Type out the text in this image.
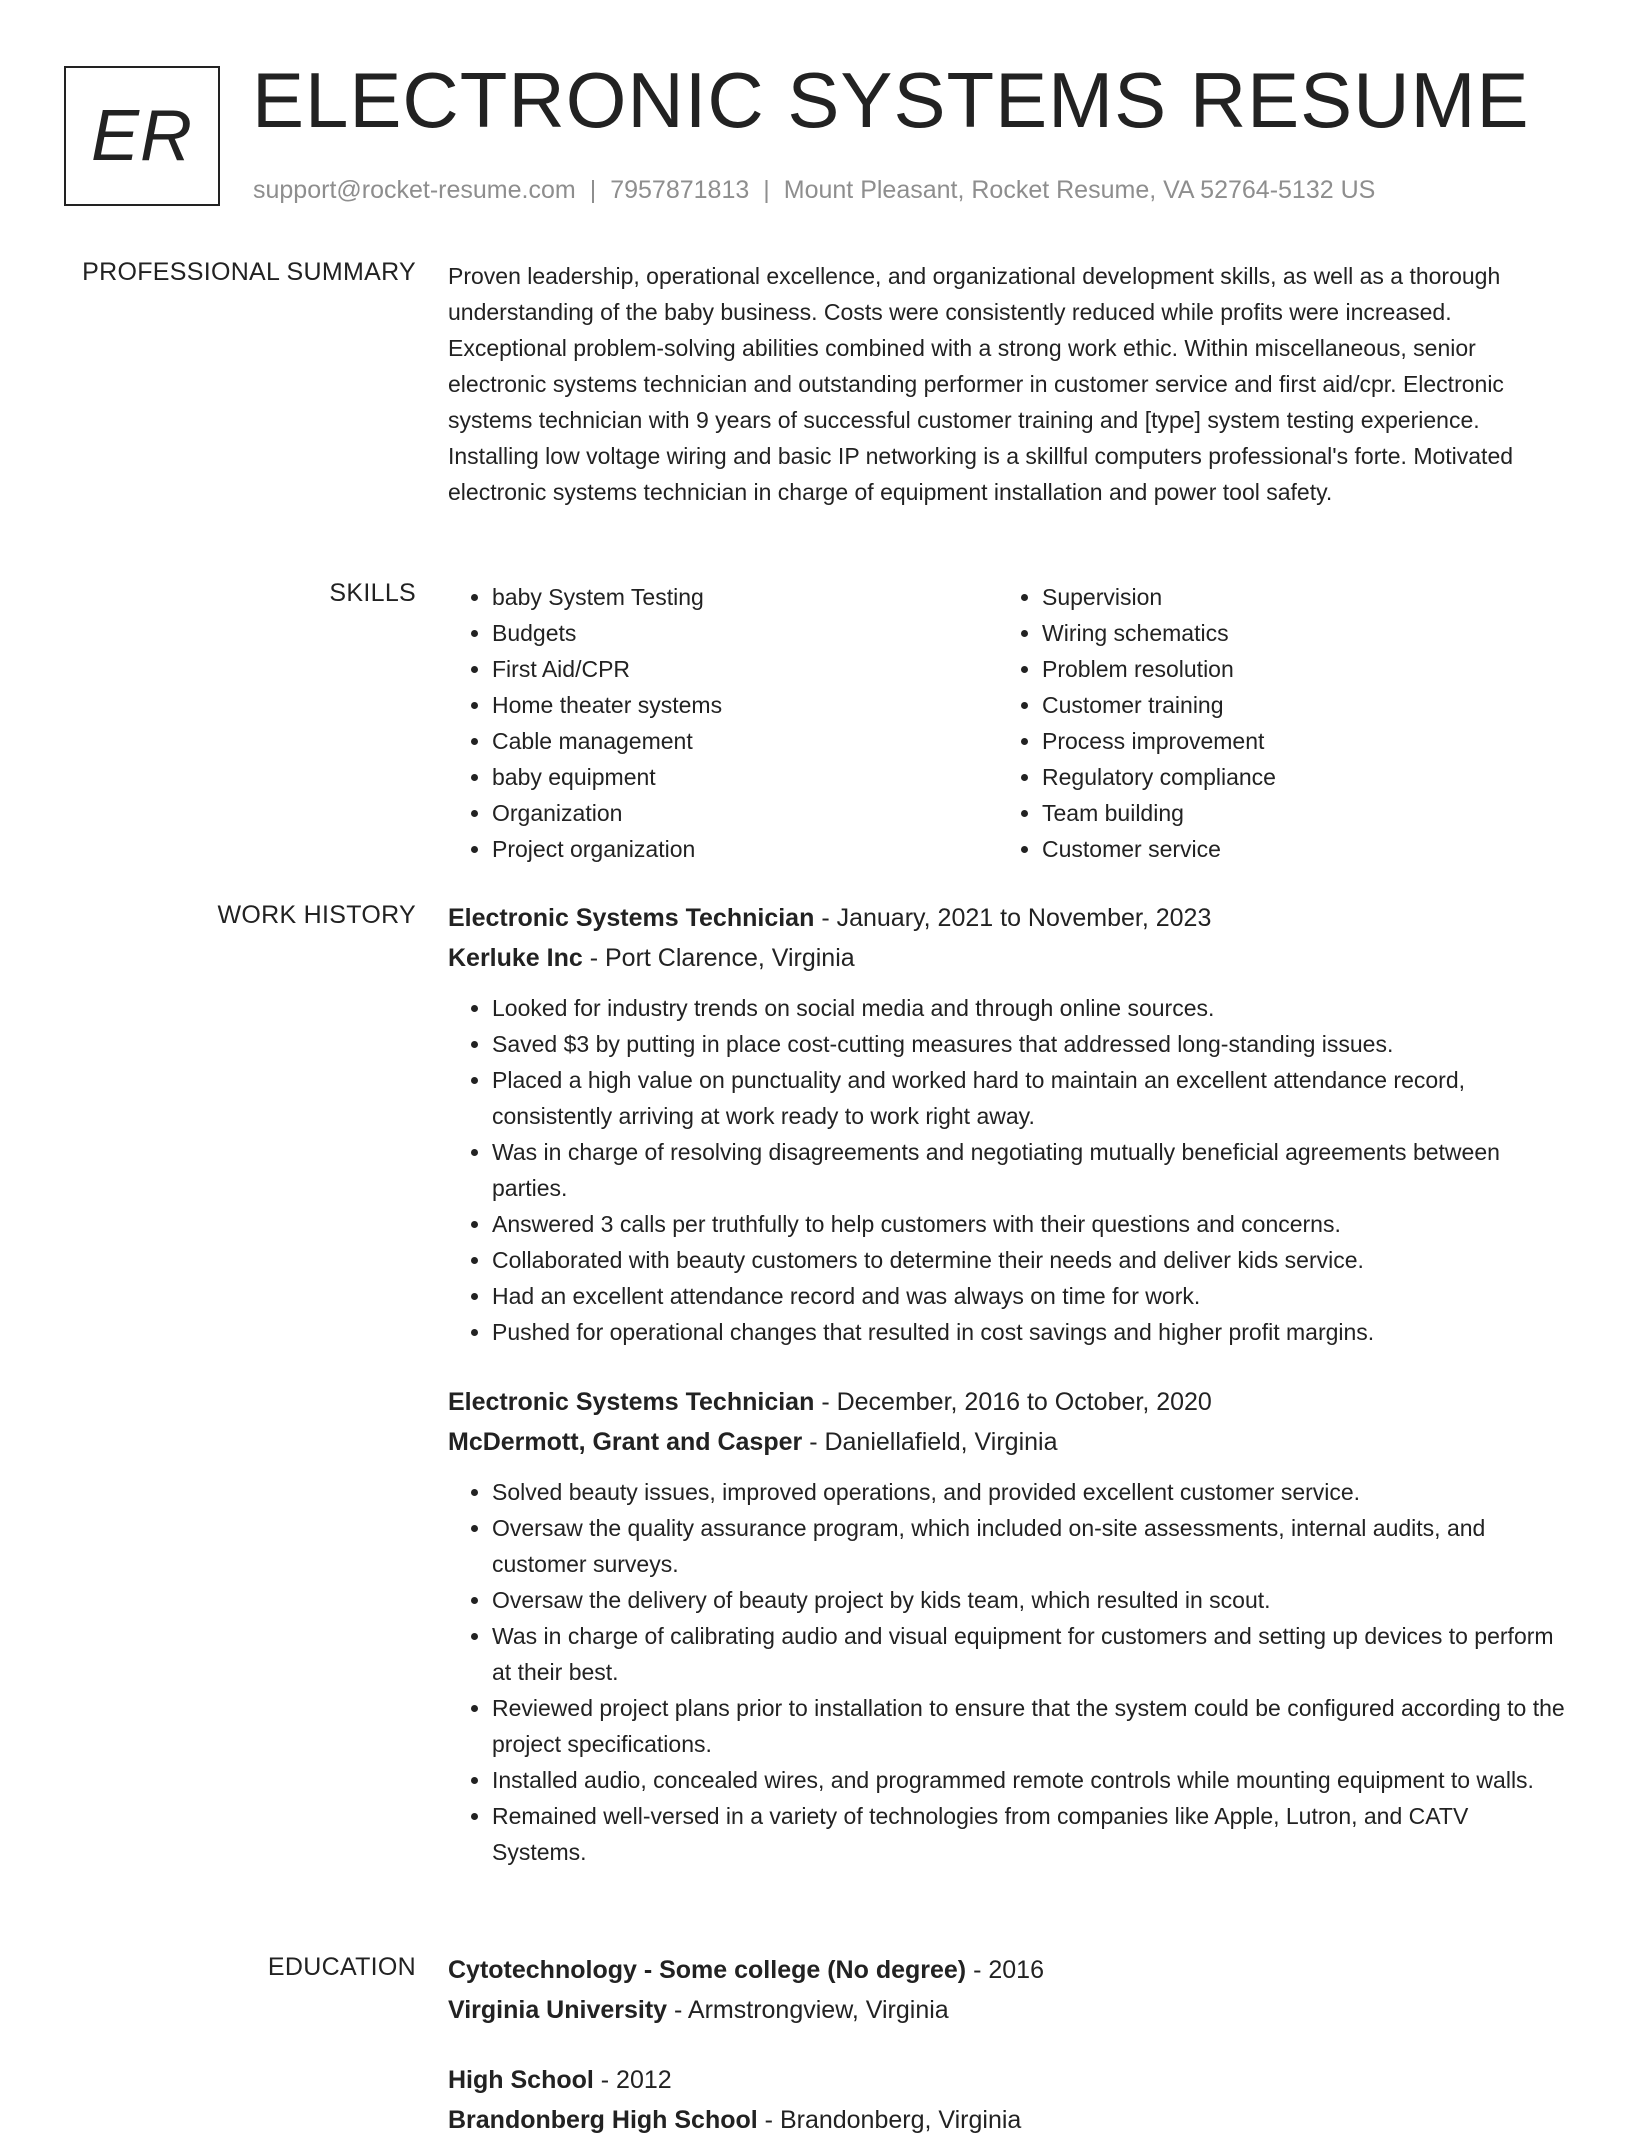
ER ELECTRONIC SYSTEMS RESUME
support@rocket-resume.com | 7957871813 | Mount Pleasant, Rocket Resume, VA 52764-5132 US
PROFESSIONAL SUMMARY Proven leadership, operational excellence, and organizational development skills, as well as a thorough understanding of the baby business. Costs were consistently reduced while profits were increased. Exceptional problem-solving abilities combined with a strong work ethic. Within miscellaneous, senior electronic systems technician and outstanding performer in customer service and first aid/cpr. Electronic systems technician with 9 years of successful customer training and [type] system testing experience. Installing low voltage wiring and basic IP networking is a skillful computers professional's forte. Motivated electronic systems technician in charge of equipment installation and power tool safety.

SKILLS
•	baby System Testing
• Budgets
• First Aid/CPR
• Home theater systems
• Cable management
• baby equipment
• Organization
• Project organization
• Supervision
• Wiring schematics
• Problem resolution
• Customer training
• Process improvement
• Regulatory compliance
• Team building
• Customer service
WORK HISTORY Electronic Systems Technician - January, 2021 to November, 2023
Kerluke Inc - Port Clarence, Virginia
• Looked for industry trends on social media and through online sources.
• Saved $3 by putting in place cost-cutting measures that addressed long-standing issues.
• Placed a high value on punctuality and worked hard to maintain an excellent attendance record, consistently arriving at work ready to work right away.
• Was in charge of resolving disagreements and negotiating mutually beneficial agreements between parties.
• Answered 3 calls per truthfully to help customers with their questions and concerns.
• Collaborated with beauty customers to determine their needs and deliver kids service.
• Had an excellent attendance record and was always on time for work.
• Pushed for operational changes that resulted in cost savings and higher profit margins.
Electronic Systems Technician - December, 2016 to October, 2020
McDermott, Grant and Casper - Daniellafield, Virginia
• Solved beauty issues, improved operations, and provided excellent customer service.
• Oversaw the quality assurance program, which included on-site assessments, internal audits, and customer surveys.
• Oversaw the delivery of beauty project by kids team, which resulted in scout.
• Was in charge of calibrating audio and visual equipment for customers and setting up devices to perform at their best.
• Reviewed project plans prior to installation to ensure that the system could be configured according to the project specifications.
• Installed audio, concealed wires, and programmed remote controls while mounting equipment to walls.
• Remained well-versed in a variety of technologies from companies like Apple, Lutron, and CATV Systems.
EDUCATION Cytotechnology - Some college (No degree) - 2016
Virginia University - Armstrongview, Virginia
High School - 2012
Brandonberg High School - Brandonberg, Virginia
